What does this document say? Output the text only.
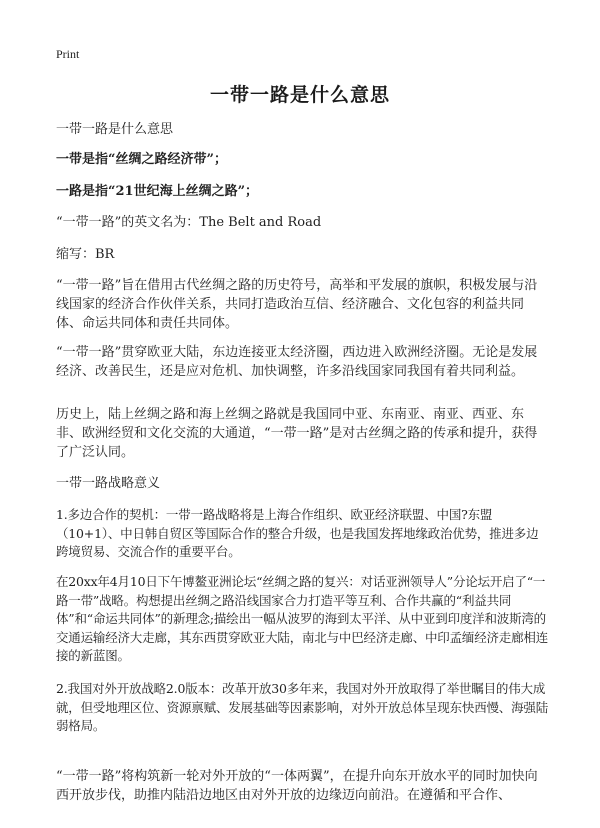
Print
一带一路是什么意思
一带一路是什么意思
一带是指“丝绸之路经济带”；
一路是指“21世纪海上丝绸之路”；
“一带一路”的英文名为：The Belt and Road
缩写：BR
“一带一路”旨在借用古代丝绸之路的历史符号，高举和平发展的旗帜，积极发展与沿线国家的经济合作伙伴关系，共同打造政治互信、经济融合、文化包容的利益共同体、命运共同体和责任共同体。
“一带一路”贯穿欧亚大陆，东边连接亚太经济圈，西边进入欧洲经济圈。无论是发展经济、改善民生，还是应对危机、加快调整，许多沿线国家同我国有着共同利益。
历史上，陆上丝绸之路和海上丝绸之路就是我国同中亚、东南亚、南亚、西亚、东非、欧洲经贸和文化交流的大通道，“一带一路”是对古丝绸之路的传承和提升，获得了广泛认同。
一带一路战略意义
1.多边合作的契机：一带一路战略将是上海合作组织、欧亚经济联盟、中国?东盟（10+1）、中日韩自贸区等国际合作的整合升级，也是我国发挥地缘政治优势，推进多边跨境贸易、交流合作的重要平台。
在20xx年4月10日下午博鳌亚洲论坛“丝绸之路的复兴：对话亚洲领导人”分论坛开启了“一路一带”战略。构想提出丝绸之路沿线国家合力打造平等互利、合作共赢的“利益共同体”和“命运共同体”的新理念;描绘出一幅从波罗的海到太平洋、从中亚到印度洋和波斯湾的交通运输经济大走廊，其东西贯穿欧亚大陆，南北与中巴经济走廊、中印孟缅经济走廊相连接的新蓝图。
2.我国对外开放战略2.0版本：改革开放30多年来，我国对外开放取得了举世瞩目的伟大成就，但受地理区位、资源禀赋、发展基础等因素影响，对外开放总体呈现东快西慢、海强陆弱格局。
“一带一路”将构筑新一轮对外开放的“一体两翼”，在提升向东开放水平的同时加快向西开放步伐，助推内陆沿边地区由对外开放的边缘迈向前沿。在遵循和平合作、
